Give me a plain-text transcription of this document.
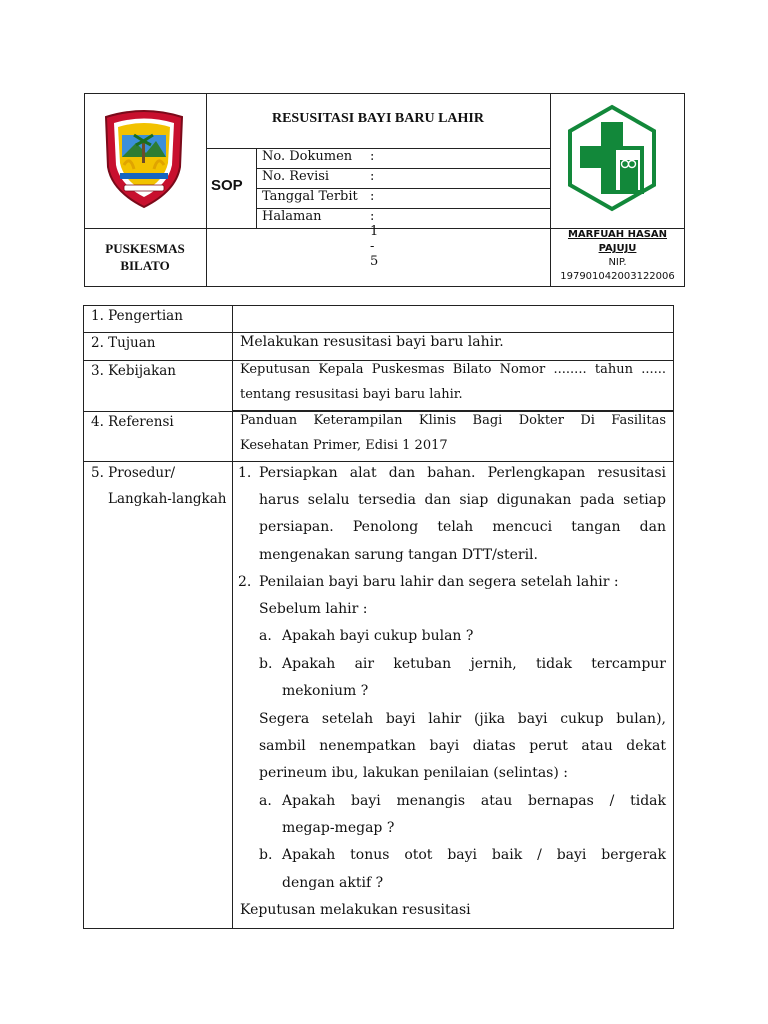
RESUSITASI BAYI BARU LAHIR
SOP
No. Dokumen :
No. Revisi	:
Tanggal Terbit :
Halaman	: 1 - 5
PUSKESMAS
BILATO
MARFUAH HASAN
PAJUJU
NIP.
197901042003122006
1. Pengertian
2. Tujuan
3. Kebijakan
4. Referensi
5. Prosedur/
Langkah-langkah
Melakukan resusitasi bayi baru lahir.
Keputusan Kepala Puskesmas Bilato Nomor ........ tahun ......
tentang resusitasi bayi baru lahir.
Panduan Keterampilan Klinis Bagi Dokter Di Fasilitas
Kesehatan Primer, Edisi 1 2017
1. Persiapkan alat dan bahan. Perlengkapan resusitasi
harus selalu tersedia dan siap digunakan pada setiap
persiapan. Penolong telah mencuci tangan dan
mengenakan sarung tangan DTT/steril.
2. Penilaian bayi baru lahir dan segera setelah lahir :
Sebelum lahir :
a. Apakah bayi cukup bulan ?
b. Apakah air ketuban jernih, tidak tercampur
mekonium ?
Segera setelah bayi lahir (jika bayi cukup bulan),
sambil nenempatkan bayi diatas perut atau dekat
perineum ibu, lakukan penilaian (selintas) :
a. Apakah bayi menangis atau bernapas / tidak
megap-megap ?
b. Apakah tonus otot bayi baik / bayi bergerak
dengan aktif ?
Keputusan melakukan resusitasi
